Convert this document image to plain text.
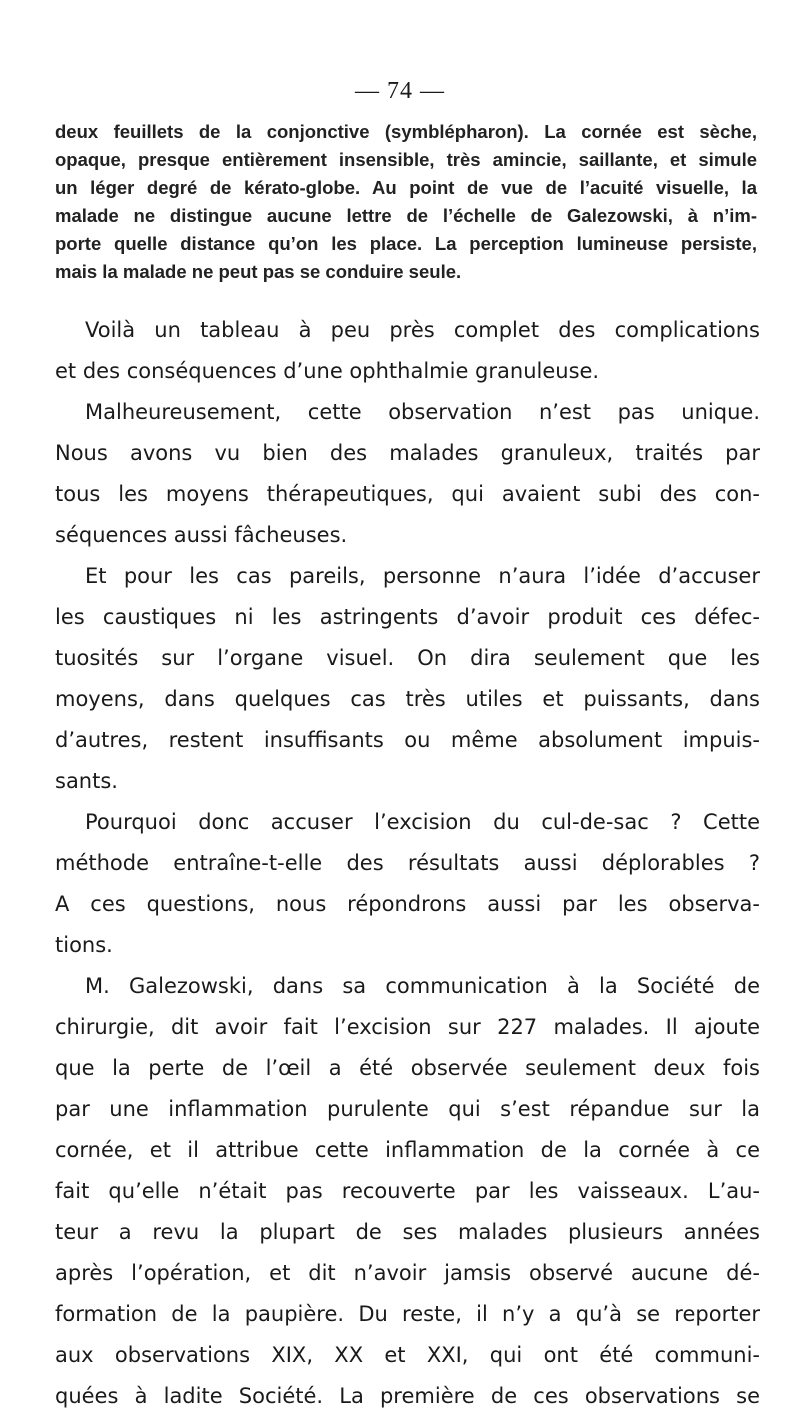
— 74 —
deux feuillets de la conjonctive (symblépharon). La cornée est sèche,
opaque, presque entièrement insensible, très amincie, saillante, et simule
un léger degré de kérato-globe. Au point de vue de l’acuité visuelle, la
malade ne distingue aucune lettre de l’échelle de Galezowski, à n’im-
porte quelle distance qu’on les place. La perception lumineuse persiste,
mais la malade ne peut pas se conduire seule.
Voilà un tableau à peu près complet des complications
et des conséquences d’une ophthalmie granuleuse.
Malheureusement, cette observation n’est pas unique.
Nous avons vu bien des malades granuleux, traités par
tous les moyens thérapeutiques, qui avaient subi des con-
séquences aussi fâcheuses.
Et pour les cas pareils, personne n’aura l’idée d’accuser
les caustiques ni les astringents d’avoir produit ces défec-
tuosités sur l’organe visuel. On dira seulement que les
moyens, dans quelques cas très utiles et puissants, dans
d’autres, restent insuffisants ou même absolument impuis-
sants.
Pourquoi donc accuser l’excision du cul-de-sac ? Cette
méthode entraîne-t-elle des résultats aussi déplorables ?
A ces questions, nous répondrons aussi par les observa-
tions.
M. Galezowski, dans sa communication à la Société de
chirurgie, dit avoir fait l’excision sur 227 malades. Il ajoute
que la perte de l’œil a été observée seulement deux fois
par une inflammation purulente qui s’est répandue sur la
cornée, et il attribue cette inflammation de la cornée à ce
fait qu’elle n’était pas recouverte par les vaisseaux. L’au-
teur a revu la plupart de ses malades plusieurs années
après l’opération, et dit n’avoir jamsis observé aucune dé-
formation de la paupière. Du reste, il n’y a qu’à se reporter
aux observations XIX, XX et XXI, qui ont été communi-
quées à ladite Société. La première de ces observations se
